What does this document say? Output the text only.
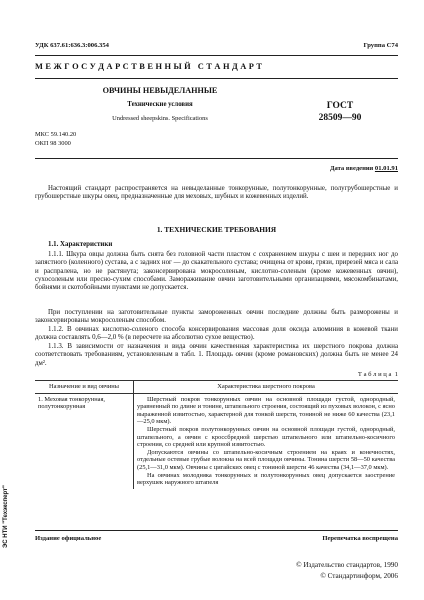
УДК 637.61:636.3:006.354	Группа С74
М Е Ж Г О С У Д А Р С Т В Е Н Н Ы Й   С Т А Н Д А Р Т
ОВЧИНЫ НЕВЫДЕЛАННЫЕ
Технические условия
Undressed sheepskins. Specifications
ГОСТ
28509—90
МКС 59.140.20
ОКП 98 3000
Дата введения 01.01.91
Настоящий стандарт распространяется на невыделанные тонкорунные, полутонкорунные, полугрубошерстные и грубошерстные шкуры овец, предназначенные для меховых, шубных и кожевенных изделий.
1. ТЕХНИЧЕСКИЕ ТРЕБОВАНИЯ
1.1. Характеристики
1.1.1. Шкура овцы должна быть снята без головной части пластом с сохранением шкуры с шеи и передних ног до запястного (коленного) сустава, а с задних ног — до скакательного сустава; очищена от крови, грязи, прирезей мяса и сала и распралена, но не растянута; законсервирована мокросоленым, кислотно-соленым (кроме кожевенных овчин), сухосоленым или пресно-сухим способами. Замораживание овчин заготовительными организациями, мясокомбинатами, бойнями и скотобойными пунктами не допускается.
При поступлении на заготовительные пункты замороженных овчин последние должны быть разморожены и законсервированы мокросоленым способом.
1.1.2. В овчинах кислотно-соленого способа консервирования массовая доля оксида алюминия в кожевой ткани должна составлять 0,6—2,0 % (в пересчете на абсолютно сухое вещество).
1.1.3. В зависимости от назначения и вида овчин качественная характеристика их шерстного покрова должна соответствовать требованиям, установленным в табл. 1. Площадь овчин (кроме романовских) должна быть не менее 24 дм².
Т а б л и ц а  1
Назначение и вид овчины	Характеристика шерстного покрова
1. Меховая тонкорунная, полутонкорунная	Шерстный покров тонкорунных овчин на основной площади густой, однородный, уравненный по длине и тонине, штапельного строения, состоящий из пуховых волокон, с ясно выраженной извитостью, характерной для тонкой шерсти, тониной не ниже 60 качества (23,1—25,0 мкм).

Шерстный покров полутонкорунных овчин на основной площади густой, однородный, штапельного, а овчин с кроссбредной шерстью штапельного или штапельно-косичного строения, со средней или крупной извитостью.

Допускаются овчины со штапельно-косичным строением на краях и конечностях, отдельные остевые грубые волокна на всей площади овчины. Тонина шерсти 58—50 качества (25,1—31,0 мкм). Овчины с цигайских овец с тониной шерсти 46 качества (34,1—37,0 мкм).

На овчинах молодняка тонкорунных и полутонкорунных овец допускается заострение верхушек наружного штапеля

Издание официальное	Перепечатка воспрещена
© Издательство стандартов, 1990
© Стандартинформ, 2006
ЭС НТИ "Техэксперт"
